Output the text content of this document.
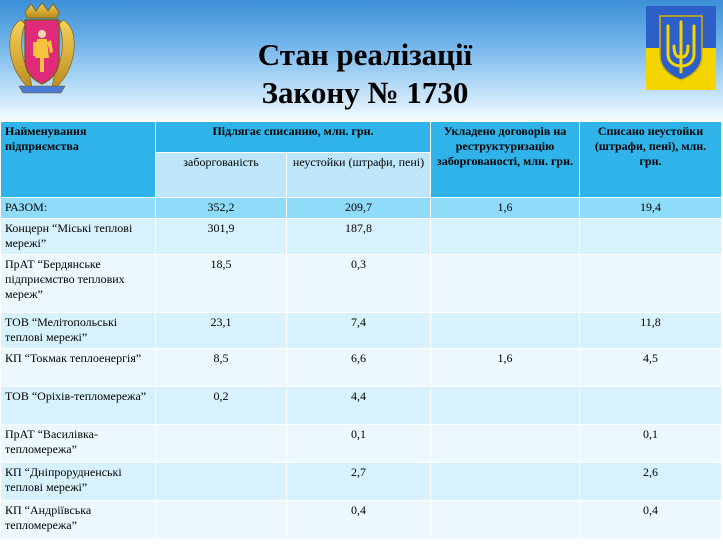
Стан реалізації
Закону № 1730
Найменування підприємства	Підлягає списанню, млн. грн.		Укладено договорів на реструктуризацію заборгованості, млн. грн.	Списано неустойки (штрафи, пені), млн. грн.
	заборгованість	неустойки (штрафи, пені)		
РАЗОМ:	352,2	209,7	1,6	19,4
Концерн “Міські теплові мережі”	301,9	187,8		
ПрАТ “Бердянське підприємство теплових мереж”	18,5	0,3		
ТОВ “Мелітопольські теплові мережі”	23,1	7,4		11,8
КП “Токмак теплоенергія”	8,5	6,6	1,6	4,5
ТОВ “Оріхів-тепломережа”	0,2	4,4		
ПрАТ “Василівка-тепломережа”		0,1		0,1
КП “Дніпрорудненські теплові мережі”		2,7		2,6
КП “Андріївська тепломережа”		0,4		0,4
